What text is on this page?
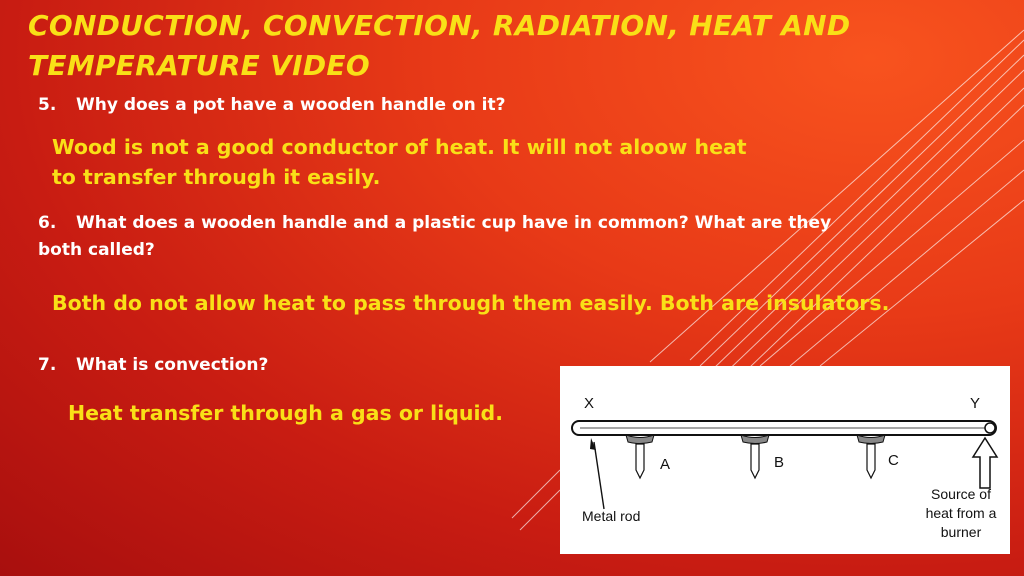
CONDUCTION, CONVECTION, RADIATION, HEAT AND TEMPERATURE VIDEO
5. Why does a pot have a wooden handle on it?
Wood is not a good conductor of heat. It will not aloow heat
to transfer through it easily.
6. What does a wooden handle and a plastic cup have in common? What are they
both called?
Both do not allow heat to pass through them easily. Both are insulators.
7. What is convection?
Heat transfer through a gas or liquid.	X	Y
A	B	C
Metal rod
Source of
heat from a
burner
